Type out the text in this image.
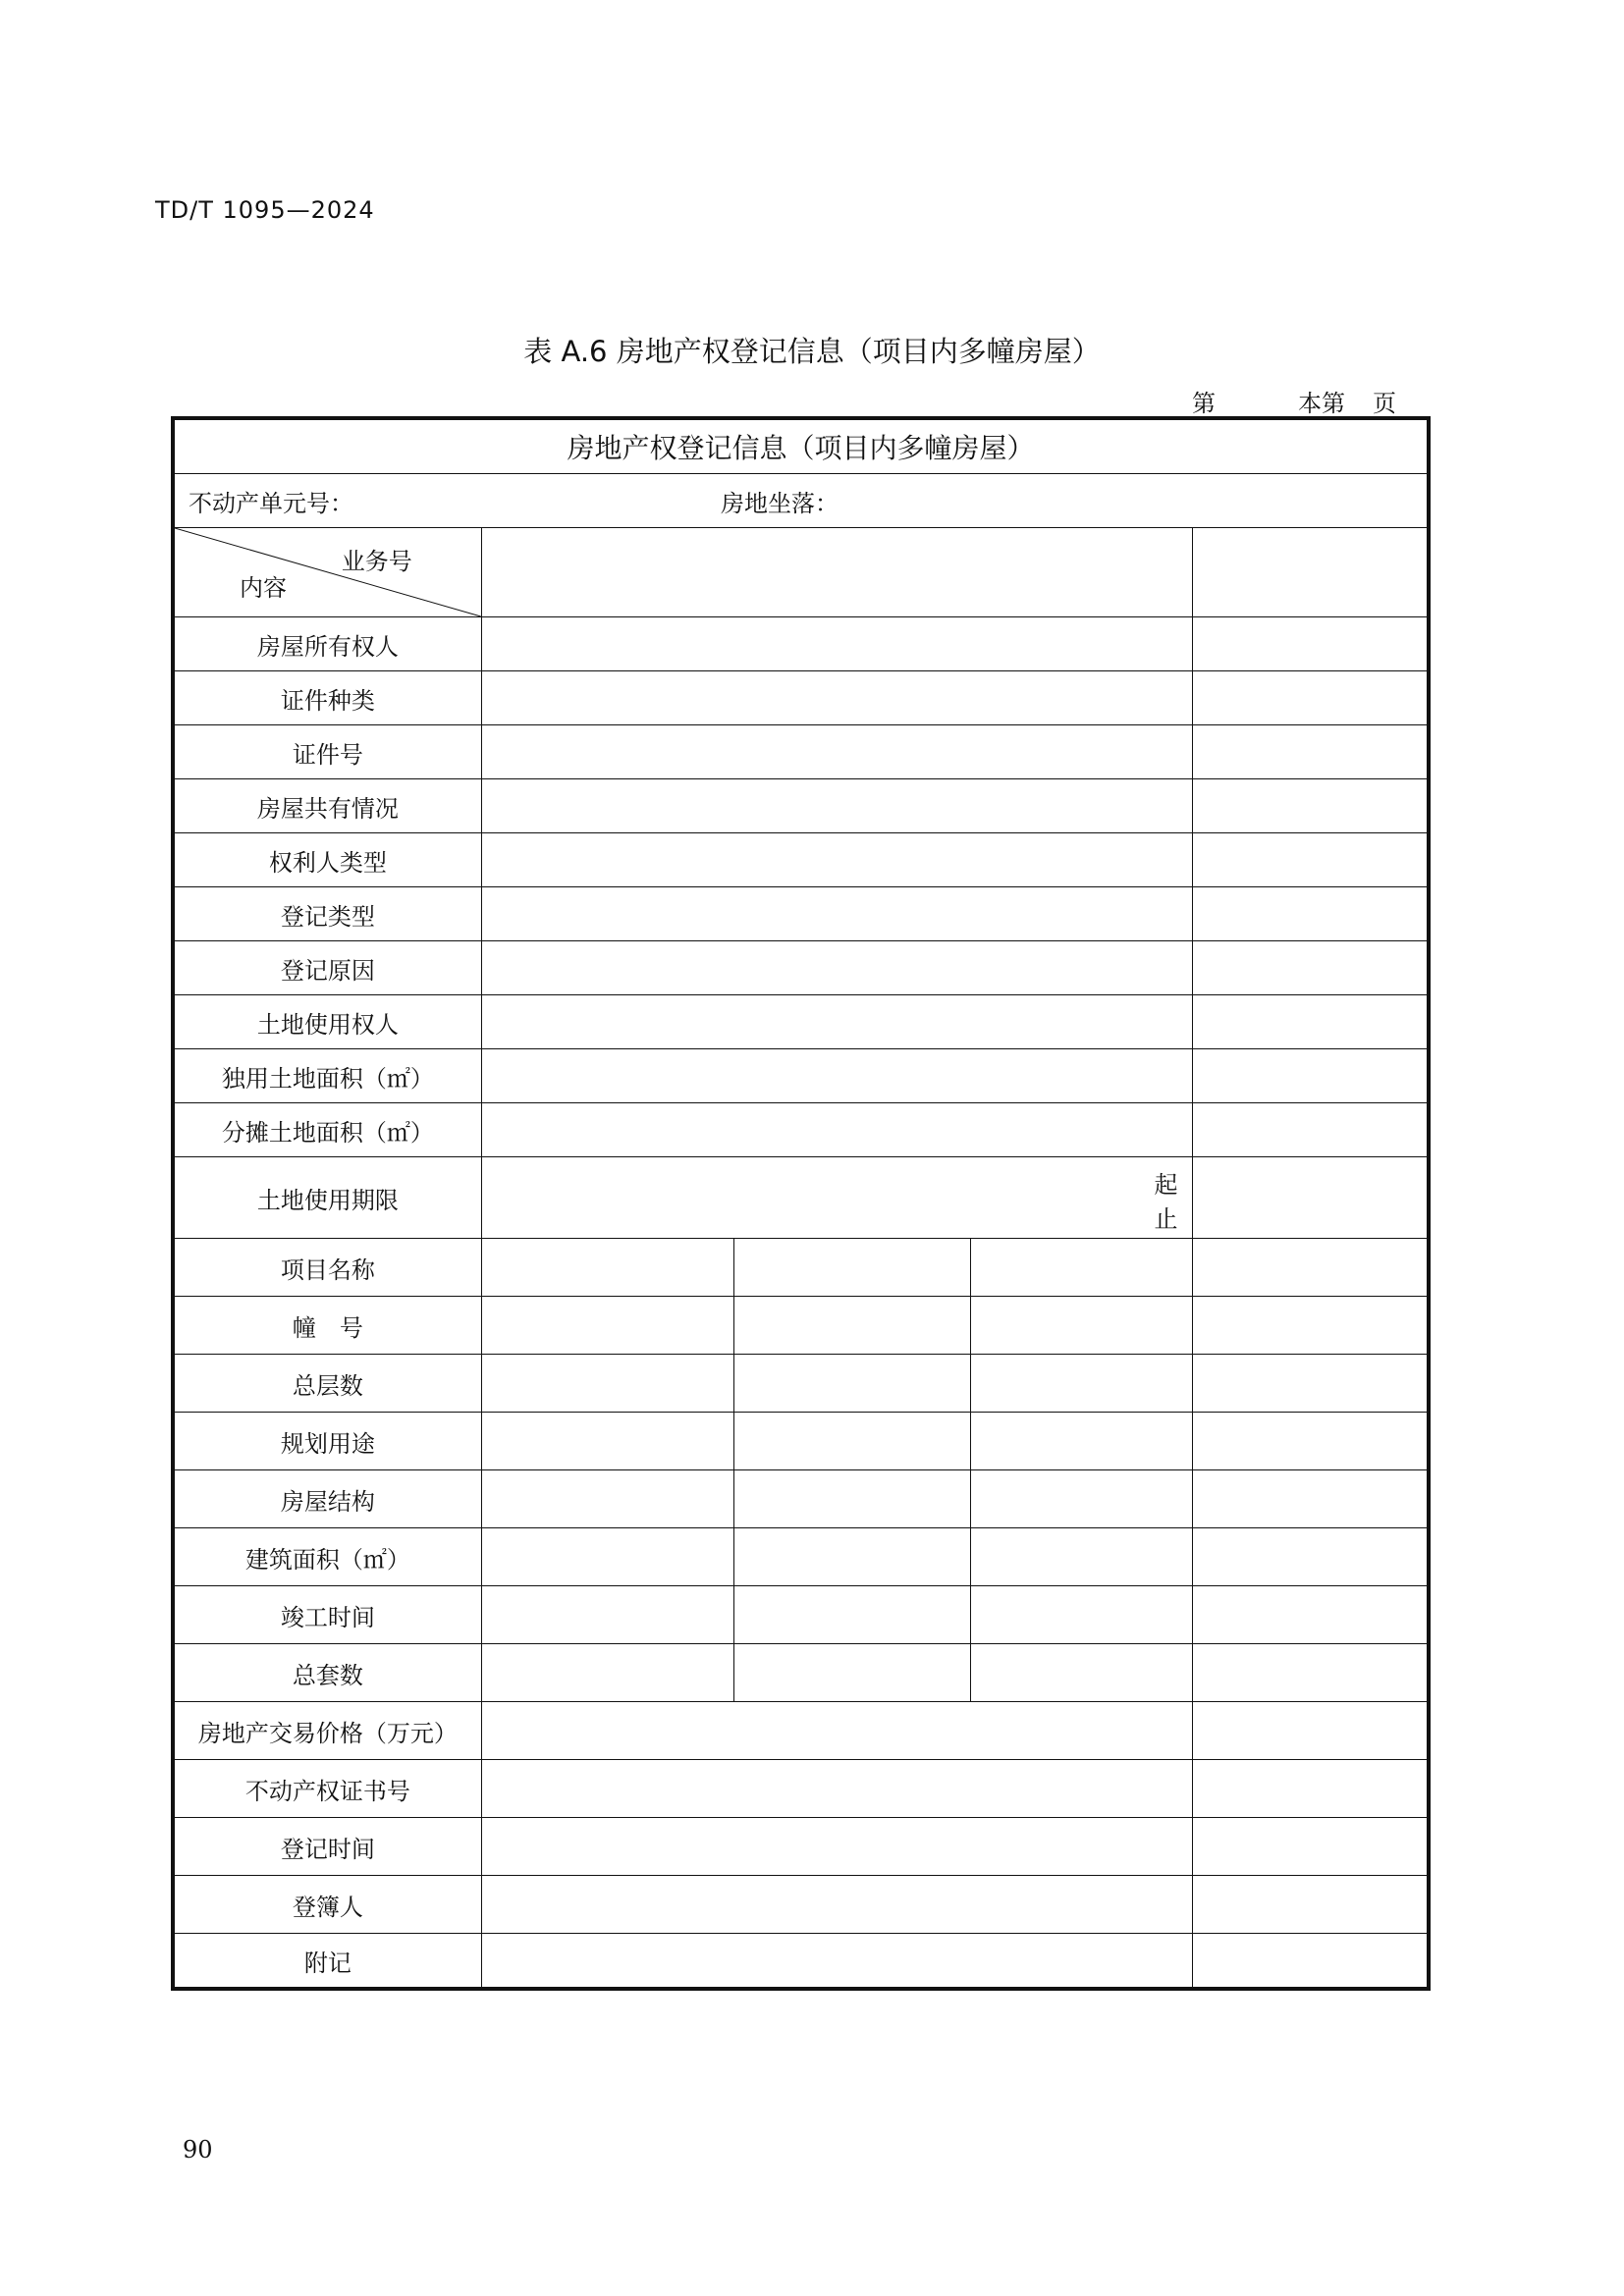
TD/T 1095—2024
表 A.6 房地产权登记信息（项目内多幢房屋）
第	本第	页
房地产权登记信息（项目内多幢房屋）				

不动产单元号： 房地坐落：				

业务号
内容				

房屋所有权人				
证件种类				
证件号				
房屋共有情况				
权利人类型				
登记类型				
登记原因				
土地使用权人				
独用土地面积（㎡）				
分摊土地面积（㎡）				
土地使用期限	起
止			

项目名称				
幢　号				
总层数				
规划用途				
房屋结构				
建筑面积（㎡）				
竣工时间				
总套数				
房地产交易价格（万元）				
不动产权证书号				
登记时间				
登簿人				
附记				
90
